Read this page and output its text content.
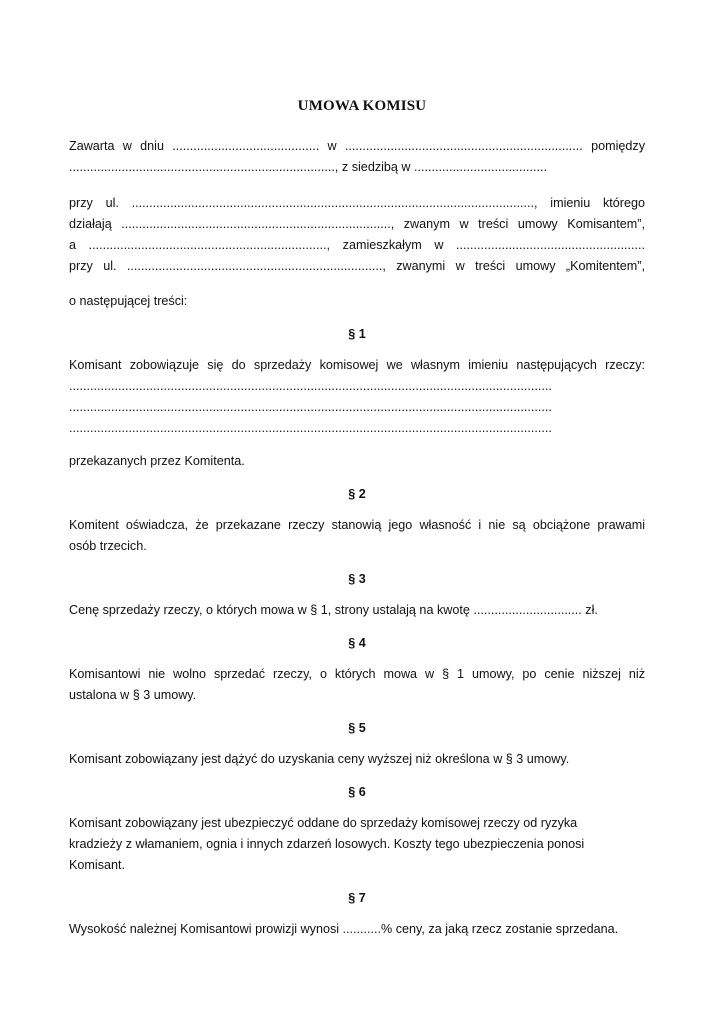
UMOWA KOMISU
Zawarta w dniu .......................................... w .................................................................... pomiędzy
............................................................................, z siedzibą w ......................................
przy ul. ..................................................................................................................., imieniu którego
działają ............................................................................., zwanym w treści umowy Komisantem”,
a ...................................................................., zamieszkałym w ......................................................
przy ul. ........................................................................., zwanymi w treści umowy „Komitentem”,
o następującej treści:

§ 1

Komisant zobowiązuje się do sprzedaży komisowej we własnym imieniu następujących rzeczy:
..........................................................................................................................................
..........................................................................................................................................
..........................................................................................................................................
przekazanych przez Komitenta.

§ 2

Komitent oświadcza, że przekazane rzeczy stanowią jego własność i nie są obciążone prawami
osób trzecich.

§ 3

Cenę sprzedaży rzeczy, o których mowa w § 1, strony ustalają na kwotę ............................... zł.

§ 4

Komisantowi nie wolno sprzedać rzeczy, o których mowa w § 1 umowy, po cenie niższej niż
ustalona w § 3 umowy.

§ 5

Komisant zobowiązany jest dążyć do uzyskania ceny wyższej niż określona w § 3 umowy.

§ 6

Komisant zobowiązany jest ubezpieczyć oddane do sprzedaży komisowej rzeczy od ryzyka
kradzieży z włamaniem, ognia i innych zdarzeń losowych. Koszty tego ubezpieczenia ponosi
Komisant.

§ 7

Wysokość należnej Komisantowi prowizji wynosi ...........% ceny, za jaką rzecz zostanie sprzedana.
